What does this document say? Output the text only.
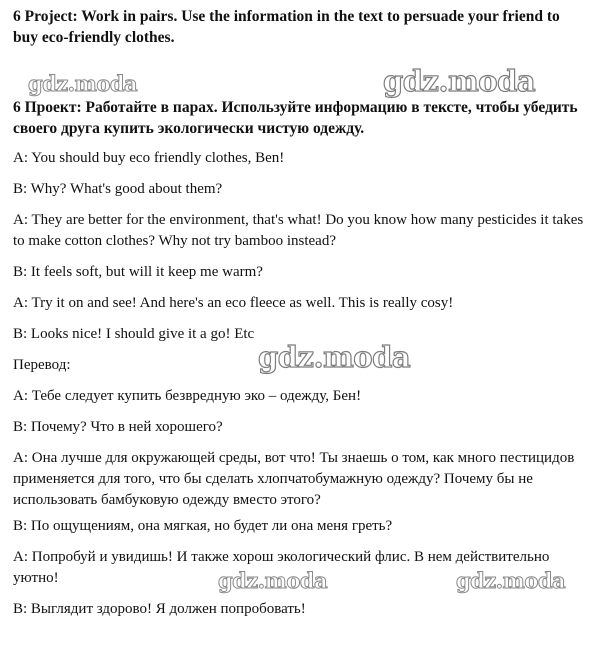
6 Project: Work in pairs. Use the information in the text to persuade your friend to buy eco-friendly clothes.

gdz.moda	gdz.moda

6 Проект: Работайте в парах. Используйте информацию в тексте, чтобы убедить своего друга купить экологически чистую одежду.

A: You should buy eco friendly clothes, Ben!

B: Why? What's good about them?

A: They are better for the environment, that's what! Do you know how many pesticides it takes to make cotton clothes? Why not try bamboo instead?

B: It feels soft, but will it keep me warm?

A: Try it on and see! And here's an eco fleece as well. This is really cosy!

B: Looks nice! I should give it a go! Etc

Перевод:	gdz.moda

А: Тебе следует купить безвредную эко – одежду, Бен!

В: Почему? Что в ней хорошего?

А: Она лучше для окружающей среды, вот что! Ты знаешь о том, как много пестицидов применяется для того, что бы сделать хлопчатобумажную одежду? Почему бы не использовать бамбуковую одежду вместо этого?

В: По ощущениям, она мягкая, но будет ли она меня греть?

А: Попробуй и увидишь! И также хорош экологический флис. В нем действительно уютно!	gdz.moda	gdz.moda

В: Выглядит здорово! Я должен попробовать!
